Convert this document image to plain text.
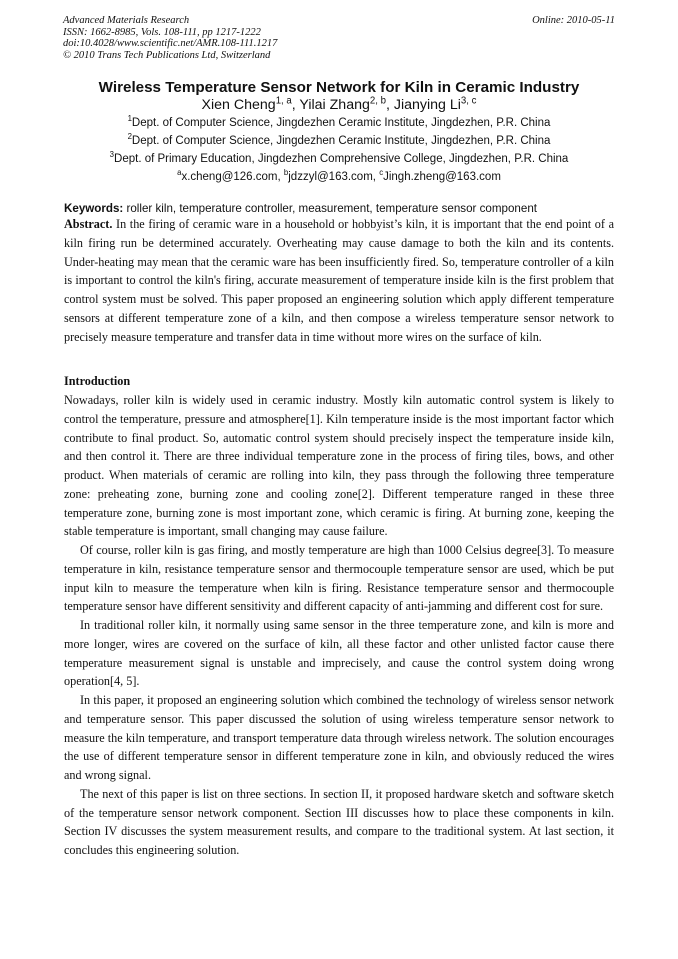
Advanced Materials Research
ISSN: 1662-8985, Vols. 108-111, pp 1217-1222
doi:10.4028/www.scientific.net/AMR.108-111.1217
© 2010 Trans Tech Publications Ltd, Switzerland
Online: 2010-05-11
Wireless Temperature Sensor Network for Kiln in Ceramic Industry
Xien Cheng$^{1, a}$, Yilai Zhang$^{2, b}$, Jianying Li$^{3, c}$
$^1$Dept. of Computer Science, Jingdezhen Ceramic Institute, Jingdezhen, P.R. China
$^2$Dept. of Computer Science, Jingdezhen Ceramic Institute, Jingdezhen, P.R. China
$^3$Dept. of Primary Education, Jingdezhen Comprehensive College, Jingdezhen, P.R. China
$^a$x.cheng@126.com, $^b$jdzzyl@163.com, $^c$Jingh.zheng@163.com
Keywords: roller kiln, temperature controller, measurement, temperature sensor component

Abstract. In the firing of ceramic ware in a household or hobbyist’s kiln, it is important that the end point of a kiln firing run be determined accurately. Overheating may cause damage to both the kiln and its contents. Under-heating may mean that the ceramic ware has been insufficiently fired. So, temperature controller of a kiln is important to control the kiln's firing, accurate measurement of temperature inside kiln is the first problem that control system must be solved. This paper proposed an engineering solution which apply different temperature sensors at different temperature zone of a kiln, and then compose a wireless temperature sensor network to precisely measure temperature and transfer data in time without more wires on the surface of kiln.

Introduction

Nowadays, roller kiln is widely used in ceramic industry. Mostly kiln automatic control system is likely to control the temperature, pressure and atmosphere[1]. Kiln temperature inside is the most important factor which contribute to final product. So, automatic control system should precisely inspect the temperature inside kiln, and then control it. There are three individual temperature zone in the process of firing tiles, bows, and other product. When materials of ceramic are rolling into kiln, they pass through the following three temperature zone: preheating zone, burning zone and cooling zone[2]. Different temperature ranged in these three temperature zone, burning zone is most important zone, which ceramic is firing. At burning zone, keeping the stable temperature is important, small changing may cause failure.

Of course, roller kiln is gas firing, and mostly temperature are high than 1000 Celsius degree[3]. To measure temperature in kiln, resistance temperature sensor and thermocouple temperature sensor are used, which be put input kiln to measure the temperature when kiln is firing. Resistance temperature sensor and thermocouple temperature sensor have different sensitivity and different capacity of anti-jamming and different cost for sure.

In traditional roller kiln, it normally using same sensor in the three temperature zone, and kiln is more and more longer, wires are covered on the surface of kiln, all these factor and other unlisted factor cause there temperature measurement signal is unstable and imprecisely, and cause the control system doing wrong operation[4, 5].

In this paper, it proposed an engineering solution which combined the technology of wireless sensor network and temperature sensor. This paper discussed the solution of using wireless temperature sensor network to measure the kiln temperature, and transport temperature data through wireless network. The solution encourages the use of different temperature sensor in different temperature zone in kiln, and obviously reduced the wires and wrong signal.

The next of this paper is list on three sections. In section II, it proposed hardware sketch and software sketch of the temperature sensor network component. Section III discusses how to place these components in kiln. Section IV discusses the system measurement results, and compare to the traditional system. At last section, it concludes this engineering solution.
